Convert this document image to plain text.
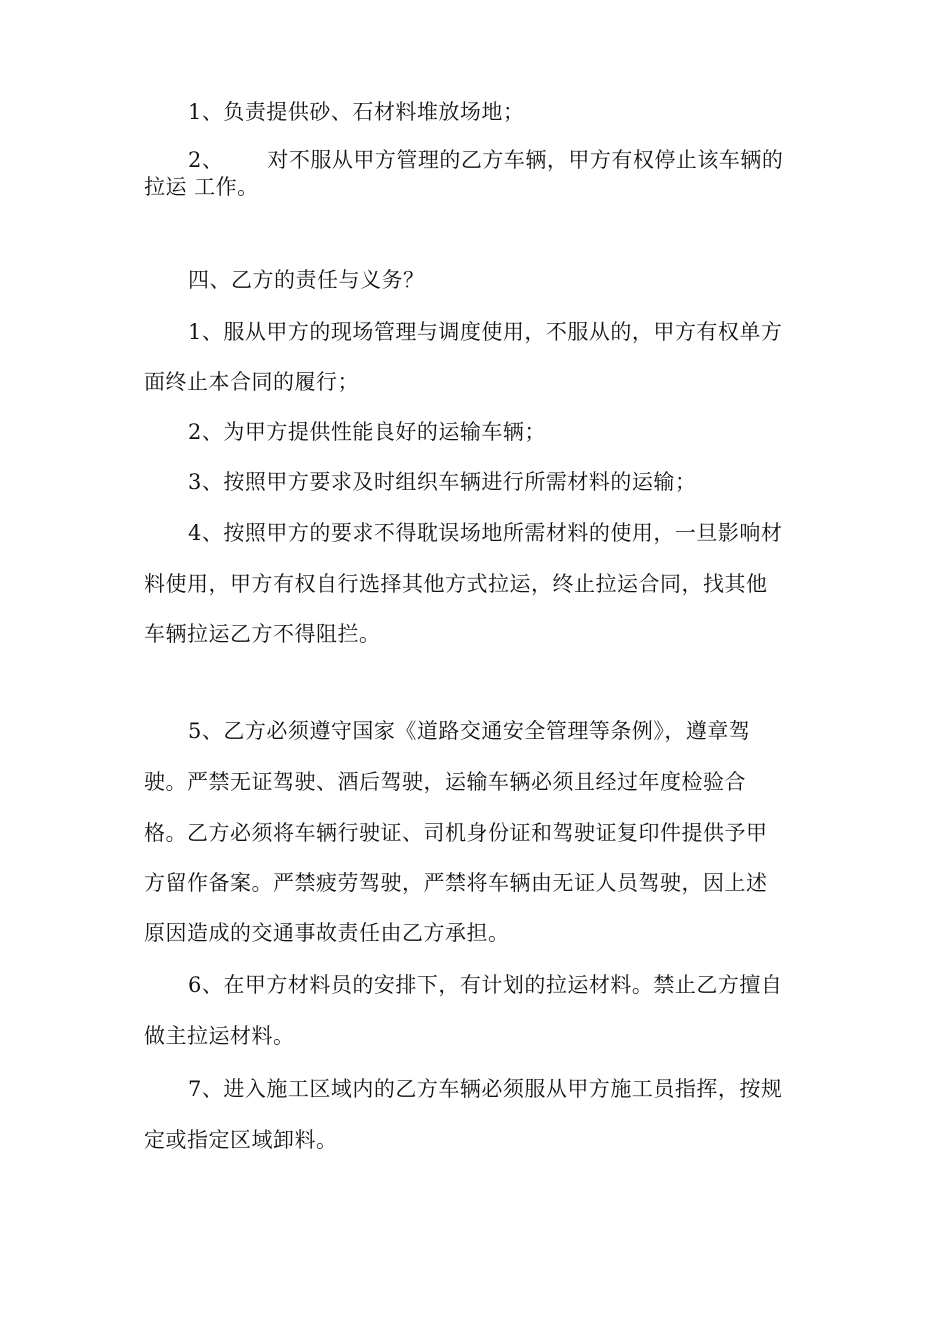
1、负责提供砂、石材料堆放场地；
2、 对不服从甲方管理的乙方车辆，甲方有权停止该车辆的
拉运 工作。
四、乙方的责任与义务？
1、服从甲方的现场管理与调度使用，不服从的，甲方有权单方
面终止本合同的履行；
2、为甲方提供性能良好的运输车辆；
3、按照甲方要求及时组织车辆进行所需材料的运输；
4、按照甲方的要求不得耽误场地所需材料的使用，一旦影响材
料使用，甲方有权自行选择其他方式拉运，终止拉运合同，找其他
车辆拉运乙方不得阻拦。
5、乙方必须遵守国家《道路交通安全管理等条例》，遵章驾
驶。严禁无证驾驶、酒后驾驶，运输车辆必须且经过年度检验合
格。乙方必须将车辆行驶证、司机身份证和驾驶证复印件提供予甲
方留作备案。严禁疲劳驾驶，严禁将车辆由无证人员驾驶，因上述
原因造成的交通事故责任由乙方承担。
6、在甲方材料员的安排下，有计划的拉运材料。禁止乙方擅自
做主拉运材料。
7、进入施工区域内的乙方车辆必须服从甲方施工员指挥，按规
定或指定区域卸料。
